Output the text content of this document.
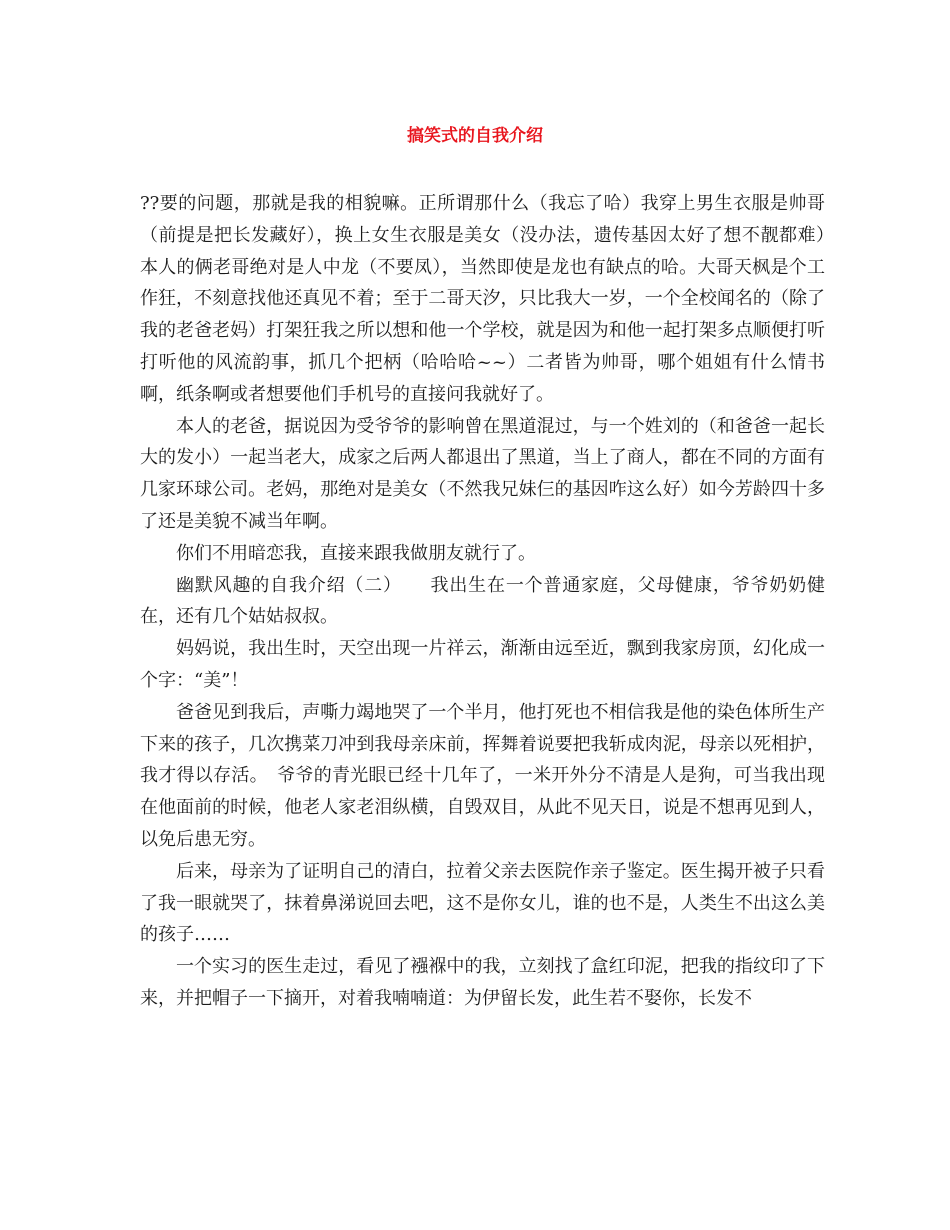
搞笑式的自我介绍

??要的问题，那就是我的相貌嘛。正所谓那什么（我忘了哈）我穿上男生衣服是帅哥（前提是把长发藏好），换上女生衣服是美女（没办法，遗传基因太好了想不靓都难）　本人的俩老哥绝对是人中龙（不要凤），当然即使是龙也有缺点的哈。大哥天枫是个工作狂，不刻意找他还真见不着；至于二哥天汐，只比我大一岁，一个全校闻名的（除了我的老爸老妈）打架狂我之所以想和他一个学校，就是因为和他一起打架多点顺便打听打听他的风流韵事，抓几个把柄（哈哈哈~~）二者皆为帅哥，哪个姐姐有什么情书啊，纸条啊或者想要他们手机号的直接问我就好了。

本人的老爸，据说因为受爷爷的影响曾在黑道混过，与一个姓刘的（和爸爸一起长大的发小）一起当老大，成家之后两人都退出了黑道，当上了商人，都在不同的方面有几家环球公司。老妈，那绝对是美女（不然我兄妹仨的基因咋这么好）如今芳龄四十多了还是美貌不减当年啊。

你们不用暗恋我，直接来跟我做朋友就行了。

幽默风趣的自我介绍（二）　　我出生在一个普通家庭，父母健康，爷爷奶奶健在，还有几个姑姑叔叔。

妈妈说，我出生时，天空出现一片祥云，渐渐由远至近，飘到我家房顶，幻化成一个字：“美”！

爸爸见到我后，声嘶力竭地哭了一个半月，他打死也不相信我是他的染色体所生产下来的孩子，几次携菜刀冲到我母亲床前，挥舞着说要把我斩成肉泥，母亲以死相护，我才得以存活。　爷爷的青光眼已经十几年了，一米开外分不清是人是狗，可当我出现在他面前的时候，他老人家老泪纵横，自毁双目，从此不见天日，说是不想再见到人，以免后患无穷。

后来，母亲为了证明自己的清白，拉着父亲去医院作亲子鉴定。医生揭开被子只看了我一眼就哭了，抹着鼻涕说回去吧，这不是你女儿，谁的也不是，人类生不出这么美的孩子……

一个实习的医生走过，看见了襁褓中的我，立刻找了盒红印泥，把我的指纹印了下来，并把帽子一下摘开，对着我喃喃道：为伊留长发，此生若不娶你，长发不
